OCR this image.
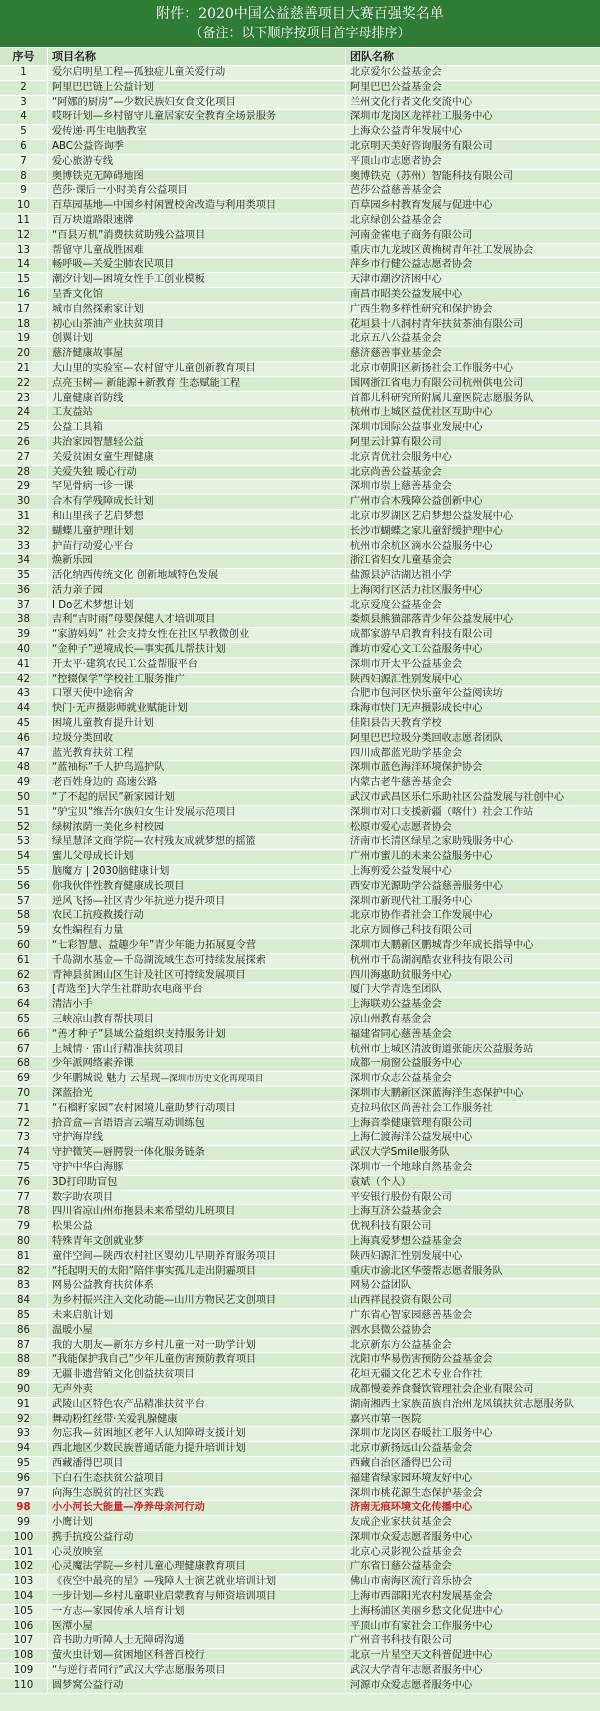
附件：2020中国公益慈善项目大赛百强奖名单
（备注：以下顺序按项目首字母排序）
序号	项目名称	团队名称
1	爱尔启明星工程—孤独症儿童关爱行动	北京爱尔公益基金会
2	阿里巴巴链上公益计划	阿里巴巴公益基金会
3	“阿娜的厨房”—少数民族妇女食文化项目	兰州文化行者文化交流中心
4	哎呀计划—乡村留守儿童居家安全教育全场景服务	深圳市龙岗区龙祥社工服务中心
5	爱传递·再生电脑教室	上海众公益青年发展中心
6	ABC公益咨询季	北京明天美好咨询服务有限公司
7	爱心旅游专线	平顶山市志愿者协会
8	奥博铁克无障碍地图	奥博铁克（苏州）智能科技有限公司
9	芭莎·课后一小时美育公益项目	芭莎公益慈善基金会
10	百草园基地—中国乡村闲置校舍改造与利用类项目	百草园乡村教育发展与促进中心
11	百万块道路限速牌	北京绿创公益基金会
12	“百县万机”消费扶贫助残公益项目	河南金雀电子商务有限公司
13	帮留守儿童战胜困难	重庆市九龙坡区黄桷树青年社工发展协会
14	畅呼吸—关爱尘肺农民项目	萍乡市行健公益志愿者协会
15	潮汐计划—困境女性手工创业模板	天津市潮汐济困中心
16	呈香文化馆	南昌市昭美公益发展中心
17	城市自然探索家计划	广西生物多样性研究和保护协会
18	初心山茶油产业扶贫项目	花垣县十八洞村青年扶贫茶油有限公司
19	创翼计划	北京五八公益基金会
20	慈济健康故事屋	慈济慈善事业基金会
21	大山里的实验室—农村留守儿童创新教育项目	北京市朝阳区新扬社会工作服务中心
22	点亮玉树— 新能源+新教育 生态赋能工程	国网浙江省电力有限公司杭州供电公司
23	儿童健康首防线	首都儿科研究所附属儿童医院志愿服务队
24	工友益站	杭州市上城区益优社区互助中心
25	公益工具箱	深圳市国际公益事业发展中心
26	共治家园智慧轻公益	阿里云计算有限公司
27	关爱贫困女童生理健康	北京青优社会服务中心
28	关爱失独 暖心行动	北京尚善公益基金会
29	罕见骨病一诊一课	深圳市崇上慈善基金会
30	合木有学残障成长计划	广州市合木残障公益创新中心
31	和山里孩子艺启梦想	北京市罗湖区艺启梦想公益发展中心
32	蝴蝶儿童护理计划	长沙市蝴蝶之家儿童舒缓护理中心
33	护苗行动爱心平台	杭州市余杭区滴水公益服务中心
34	焕新乐园	浙江省妇女儿童基金会
35	活化纳西传统文化 创新地域特色发展	盐源县泸沽湖达祖小学
36	活力亲子园	上海闵行区活力社区服务中心
37	I Do艺术梦想计划	北京爱度公益基金会
38	吉利“吉时雨”母婴保健人才培训项目	娄烦县熊猫部落青少年公益发展中心
39	“家游妈妈” 社会支持女性在社区早教微创业	成都家游早启教育科技有限公司
40	“金种子”逆境成长—事实孤儿帮扶计划	潍坊市爱心文工公益服务中心
41	开太平·建筑农民工公益帮服平台	深圳市开太平公益基金会
42	“控辍保学”学校社工服务推广	陕西妇源汇性别发展中心
43	口罩天使中途宿舍	合肥市包河区快乐童年公益阅读坊
44	快门·无声摄影师就业赋能计划	珠海市快门无声摄影成长中心
45	困境儿童教育提升计划	佳阳县告天教育学校
46	垃圾分类回收	阿里巴巴垃圾分类回收志愿者团队
47	蓝光教育扶贫工程	四川成都蓝光助学基金会
48	“蓝袖标”千人护鸟巡护队	深圳市蓝色海洋环境保护协会
49	老百姓身边的 高速公路	内蒙古老牛慈善基金会
50	“了不起的居民”新家园计划	武汉市武昌区乐仁乐助社区公益发展与社创中心
51	“驴宝贝”维吾尔族妇女生计发展示范项目	深圳市对口支援新疆（喀什）社会工作站
52	绿树浓荫一美化乡村校园	松原市爱心志愿者协会
53	绿星慧泽文商学院—农村残友成就梦想的摇篮	济南市长清区绿星之家助残服务中心
54	蜜儿父母成长计划	广州市蜜儿的未来公益服务中心
55	脑魔方 | 2030脑健康计划	上海剪爱公益发展中心
56	你我伙伴性教育健康成长项目	西安市光源助学公益慈善服务中心
57	逆风飞扬—社区青少年抗逆力提升项目	深圳市新现代社工服务中心
58	农民工抗疫救援行动	北京市协作者社会工作发展中心
59	女性编程有力量	北京方圆修己科技有限公司
60	“七彩智慧、益趣少年”青少年能力拓展夏令营	深圳市大鹏新区鹏城青少年成长指导中心
61	千岛湖水基金—千岛湖流域生态可持续发展探索	杭州市千岛湖润酷农业科技有限公司
62	青神县贫困山区生计及社区可持续发展项目	四川海惠助贫服务中心
63	[青选至]大学生社群助农电商平台	厦门大学青选至团队
64	清洁小手	上海联劝公益基金会
65	三峡凉山教育帮扶项目	凉山州教育基金会
66	“善才种子”县域公益组织支持服务计划	福建省同心慈善基金会
67	上城情 · 雷山行精准扶贫项目	杭州市上城区清波街道张能庆公益服务站
68	少年派网络素养课	成都一扇窗公益服务中心
69	少年鹏城说 魅力 云星现—深圳市历史文化再现项目	深圳市众志公益基金会
70	深蓝拾光	深圳市大鹏新区深蓝海洋生态保护中心
71	“石榴籽家园”农村困境儿童助梦行动项目	克拉玛依区尚善社会工作服务社
72	拾音盒—言语语言云端互动训练包	上海音拳健康管理有限公司
73	守护海岸线	上海仁渡海洋公益发展中心
74	守护微笑—唇腭裂一体化服务链条	武汉大学Smile服务队
75	守护中华白海豚	深圳市一个地球自然基金会
76	3D打印助盲包	袁斌（个人）
77	数字助农项目	平安银行股份有限公司
78	四川省凉山州布拖县未来希望幼儿班项目	上海互济公益基金会
79	松果公益	优视科技有限公司
80	特殊青年文创就业梦	上海真爱梦想公益基金会
81	童伴空间—陕西农村社区婴幼儿早期养育服务项目	陕西妇源汇性别发展中心
82	“托起明天的太阳”陪伴事实孤儿走出阴霾项目	重庆市渝北区华蓥帮志愿者服务队
83	网易公益教育扶贫体系	网易公益团队
84	为乡村振兴注入文化动能—山川方物民艺文创项目	山西祥昆投资有限公司
85	未来启航计划	广东省心智家园慈善基金会
86	温暖小屋	泗水县微公益协会
87	我的大朋友—新东方乡村儿童一对一助学计划	北京新东方公益基金会
88	“我能保护我自己”少年儿童伤害预防教育项目	沈阳市华易伤害预防公益基金会
89	无疆非遗营销文化创益扶贫项目	花垣无疆文化艺术专业合作社
90	无声外卖	成都慢姜养食餐饮管理社会企业有限公司
91	武陵山区特色农产品精准扶贫平台	湖南湘西土家族苗族自治州龙凤镇扶贫志愿服务队
92	舞动粉红丝带·关爱乳腺健康	嘉兴市第一医院
93	勿忘我—贫困地区老年人认知障碍支援计划	深圳市龙岗区春暖社工服务中心
94	西北地区少数民族普通话能力提升培训计划	北京市新扬远山公益基金会
95	西藏潘得巴项目	西藏自治区潘得巴公司
96	下白石生态扶贫公益项目	福建省绿家园环境友好中心
97	向海生态脱贫的社区实践	深圳市桃花源生态保护基金会
98	小小河长大能量—净养母亲河行动	济南无痕环境文化传播中心
99	小鹰计划	友成企业家扶贫基金会
100	携手抗疫公益行动	深圳市众爱志愿者服务中心
101	心灵放映室	北京心灵影视公益基金会
102	心灵魔法学院—乡村儿童心理健康教育项目	广东省日慈公益基金会
103	《夜空中最亮的星》—残障人士演艺就业培训计划	佛山市南海区流行音乐协会
104	一步计划—乡村儿童职业启蒙教育与师资培训项目	上海市西部阳光农村发展基金会
105	一方志—家园传承人培育计划	上海杨浦区美丽乡愁文化促进中心
106	医潭小屋	平顶山市有家社会工作服务中心
107	音书助力听障人士无障碍沟通	广州音书科技有限公司
108	萤火虫计划—贫困地区科普百校行	北京一片星空天文科普促进中心
109	“与逆行者同行”武汉大学志愿服务项目	武汉大学青年志愿者服务中心
110	圆梦窝公益行动	河源市众爱志愿者服务中心
